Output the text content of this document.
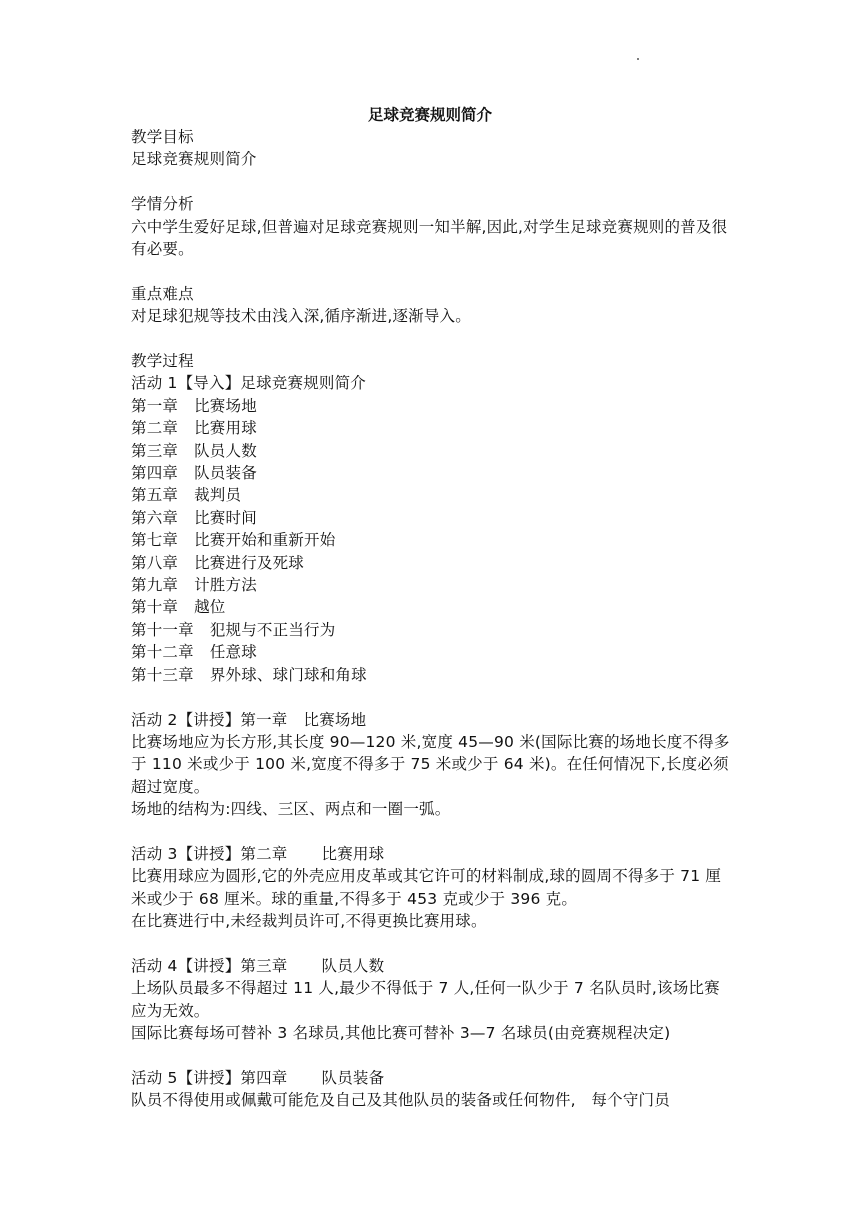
足球竞赛规则简介

教学目标

足球竞赛规则简介

学情分析

六中学生爱好足球,但普遍对足球竞赛规则一知半解,因此,对学生足球竞赛规则的普及很有必要。

重点难点

对足球犯规等技术由浅入深,循序渐进,逐渐导入。

教学过程

活动 1【导入】足球竞赛规则简介

第一章 比赛场地

第二章 比赛用球

第三章 队员人数

第四章 队员装备

第五章 裁判员

第六章 比赛时间

第七章 比赛开始和重新开始

第八章 比赛进行及死球

第九章 计胜方法

第十章 越位

第十一章 犯规与不正当行为

第十二章 任意球

第十三章 界外球、球门球和角球

活动 2【讲授】第一章 比赛场地

比赛场地应为长方形,其长度 90—120 米,宽度 45—90 米(国际比赛的场地长度不得多于 110 米或少于 100 米,宽度不得多于 75 米或少于 64 米)。在任何情况下,长度必须超过宽度。

场地的结构为:四线、三区、两点和一圈一弧。

活动 3【讲授】第二章 比赛用球

比赛用球应为圆形,它的外壳应用皮革或其它许可的材料制成,球的圆周不得多于 71 厘米或少于 68 厘米。球的重量,不得多于 453 克或少于 396 克。

在比赛进行中,未经裁判员许可,不得更换比赛用球。

活动 4【讲授】第三章 队员人数

上场队员最多不得超过 11 人,最少不得低于 7 人,任何一队少于 7 名队员时,该场比赛应为无效。

国际比赛每场可替补 3 名球员,其他比赛可替补 3—7 名球员(由竞赛规程决定)

活动 5【讲授】第四章 队员装备

队员不得使用或佩戴可能危及自己及其他队员的装备或任何物件,　每个守门员
